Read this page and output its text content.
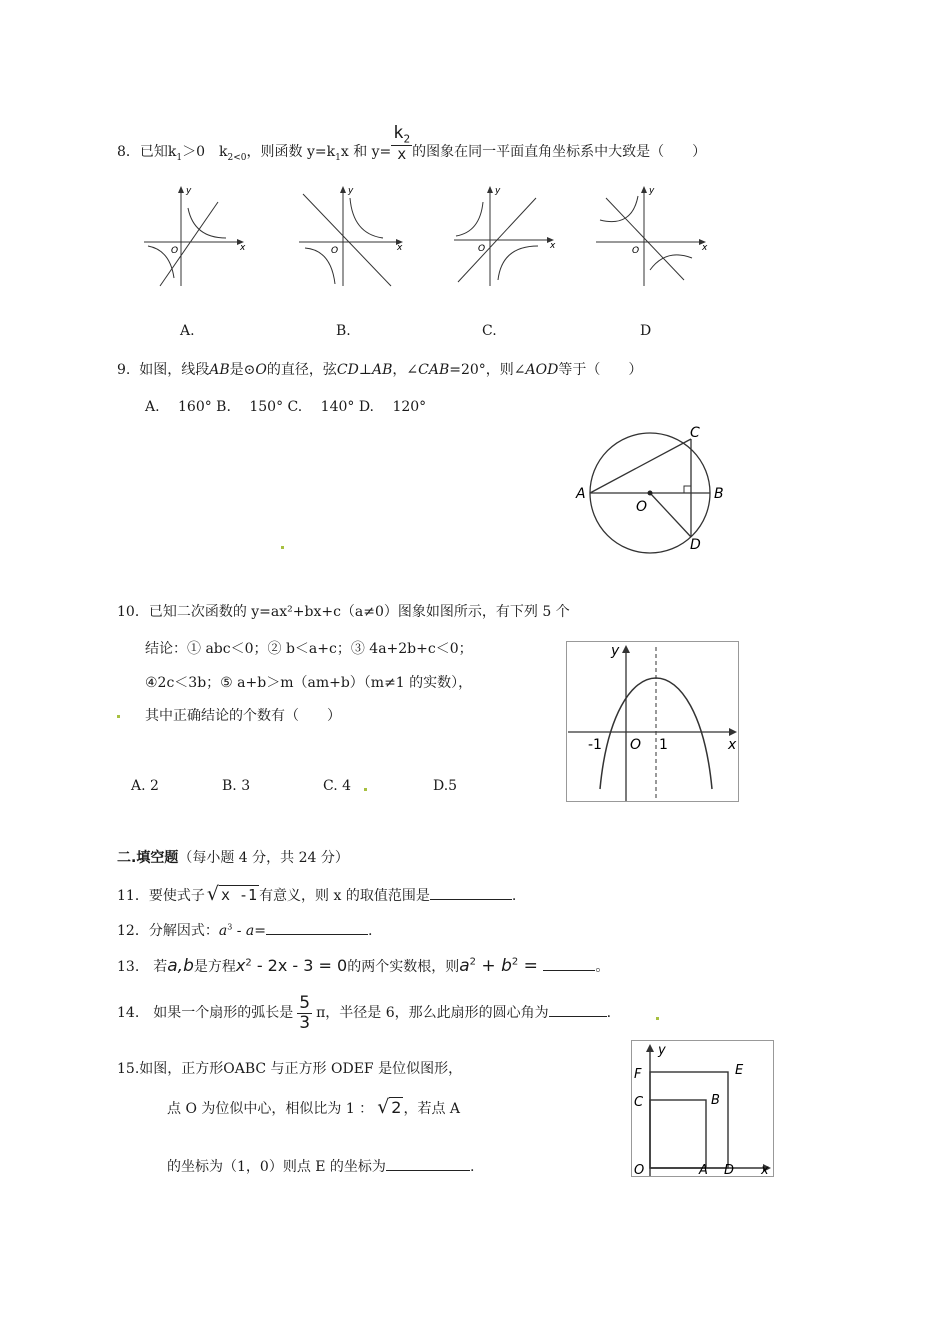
8．已知$k_1>0$　$k_{2<0}$，则函数 $y=k_1x$ 和 $y= \frac{k_2}{x}$ 的图象在同一平面直角坐标系中大致是（　　）
y
x
O
A.
y
x
O
B.
y
x
O
C.
y
x
O
D
9. 如图，线段AB是⊙O的直径，弦CD⊥AB，∠CAB=20°，则∠AOD等于（　　）
A.　 160° B.　 150° C.　 140° D.　 120°
A	B
C
D
O
10．已知二次函数的 y=ax²+bx+c（a≠0）图象如图所示，有下列 5 个
结论：① abc＜0；② b＜a+c；③ 4a+2b+c＜0；
④2c＜3b；⑤ a+b＞m（am+b）（m≠1 的实数），
其中正确结论的个数有（　　）
A. 2	B. 3	C. 4	D.5
y
x
O
-1	1
二.填空题（每小题 4 分，共 24 分）
11．要使式子 √ x -1 有意义，则 x 的取值范围是	.
12．分解因式：$a^3 - a=$	.
13.　若a,b是方程$x^2 - 2x - 3 = 0$的两个实数根，则$a^2 + b^2$ =	。
14.　如果一个扇形的弧长是 $\frac{5}{3}$ π，半径是 6，那么此扇形的圆心角为	.
15.如图，正方形OABC 与正方形 ODEF 是位似图形，
点 O 为位似中心，相似比为 1 ： √ 2 ，若点 A
的坐标为（1，0）则点 E 的坐标为	.
y
x
O	A D
B
C
E
F
